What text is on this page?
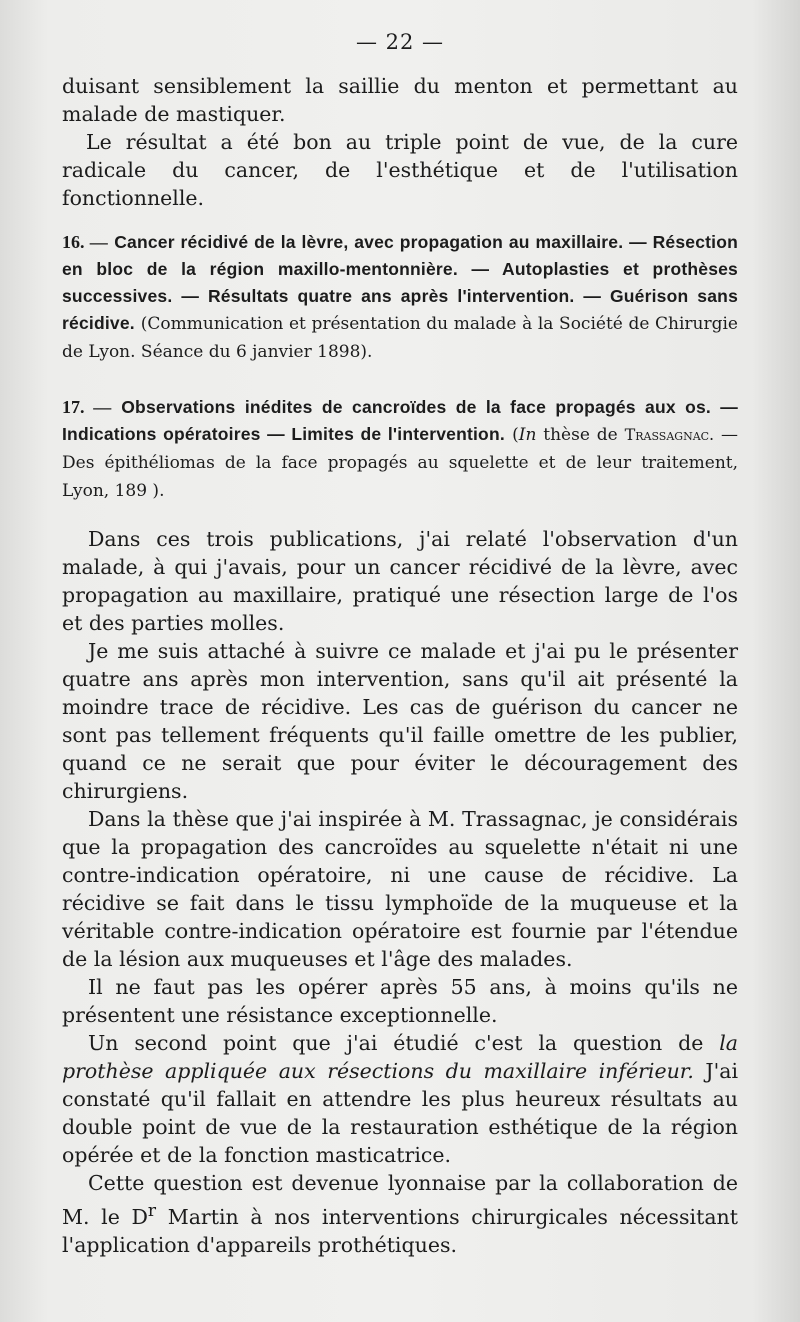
— 22 —

duisant sensiblement la saillie du menton et permettant au malade de mastiquer.

Le résultat a été bon au triple point de vue, de la cure radicale du cancer, de l'esthétique et de l'utilisation fonctionnelle.

16. — Cancer récidivé de la lèvre, avec propagation au maxillaire. — Résection en bloc de la région maxillo-mentonnière. — Autoplasties et prothèses successives. — Résultats quatre ans après l'intervention. — Guérison sans récidive. (Communication et présentation du malade à la Société de Chirurgie de Lyon. Séance du 6 janvier 1898).
17. — Observations inédites de cancroïdes de la face propagés aux os. — Indications opératoires — Limites de l'intervention. (In thèse de Trassagnac. — Des épithéliomas de la face propagés au squelette et de leur traitement, Lyon, 189 ).

Dans ces trois publications, j'ai relaté l'observation d'un malade, à qui j'avais, pour un cancer récidivé de la lèvre, avec propagation au maxillaire, pratiqué une résection large de l'os et des parties molles.

Je me suis attaché à suivre ce malade et j'ai pu le présenter quatre ans après mon intervention, sans qu'il ait présenté la moindre trace de récidive. Les cas de guérison du cancer ne sont pas tellement fréquents qu'il faille omettre de les publier, quand ce ne serait que pour éviter le découragement des chirurgiens.

Dans la thèse que j'ai inspirée à M. Trassagnac, je considérais que la propagation des cancroïdes au squelette n'était ni une contre-indication opératoire, ni une cause de récidive. La récidive se fait dans le tissu lymphoïde de la muqueuse et la véritable contre-indication opératoire est fournie par l'étendue de la lésion aux muqueuses et l'âge des malades.

Il ne faut pas les opérer après 55 ans, à moins qu'ils ne présentent une résistance exceptionnelle.

Un second point que j'ai étudié c'est la question de la prothèse appliquée aux résections du maxillaire inférieur. J'ai constaté qu'il fallait en attendre les plus heureux résultats au double point de vue de la restauration esthétique de la région opérée et de la fonction masticatrice.

Cette question est devenue lyonnaise par la collaboration de M. le $D^r$ Martin à nos interventions chirurgicales nécessitant l'application d'appareils prothétiques.
